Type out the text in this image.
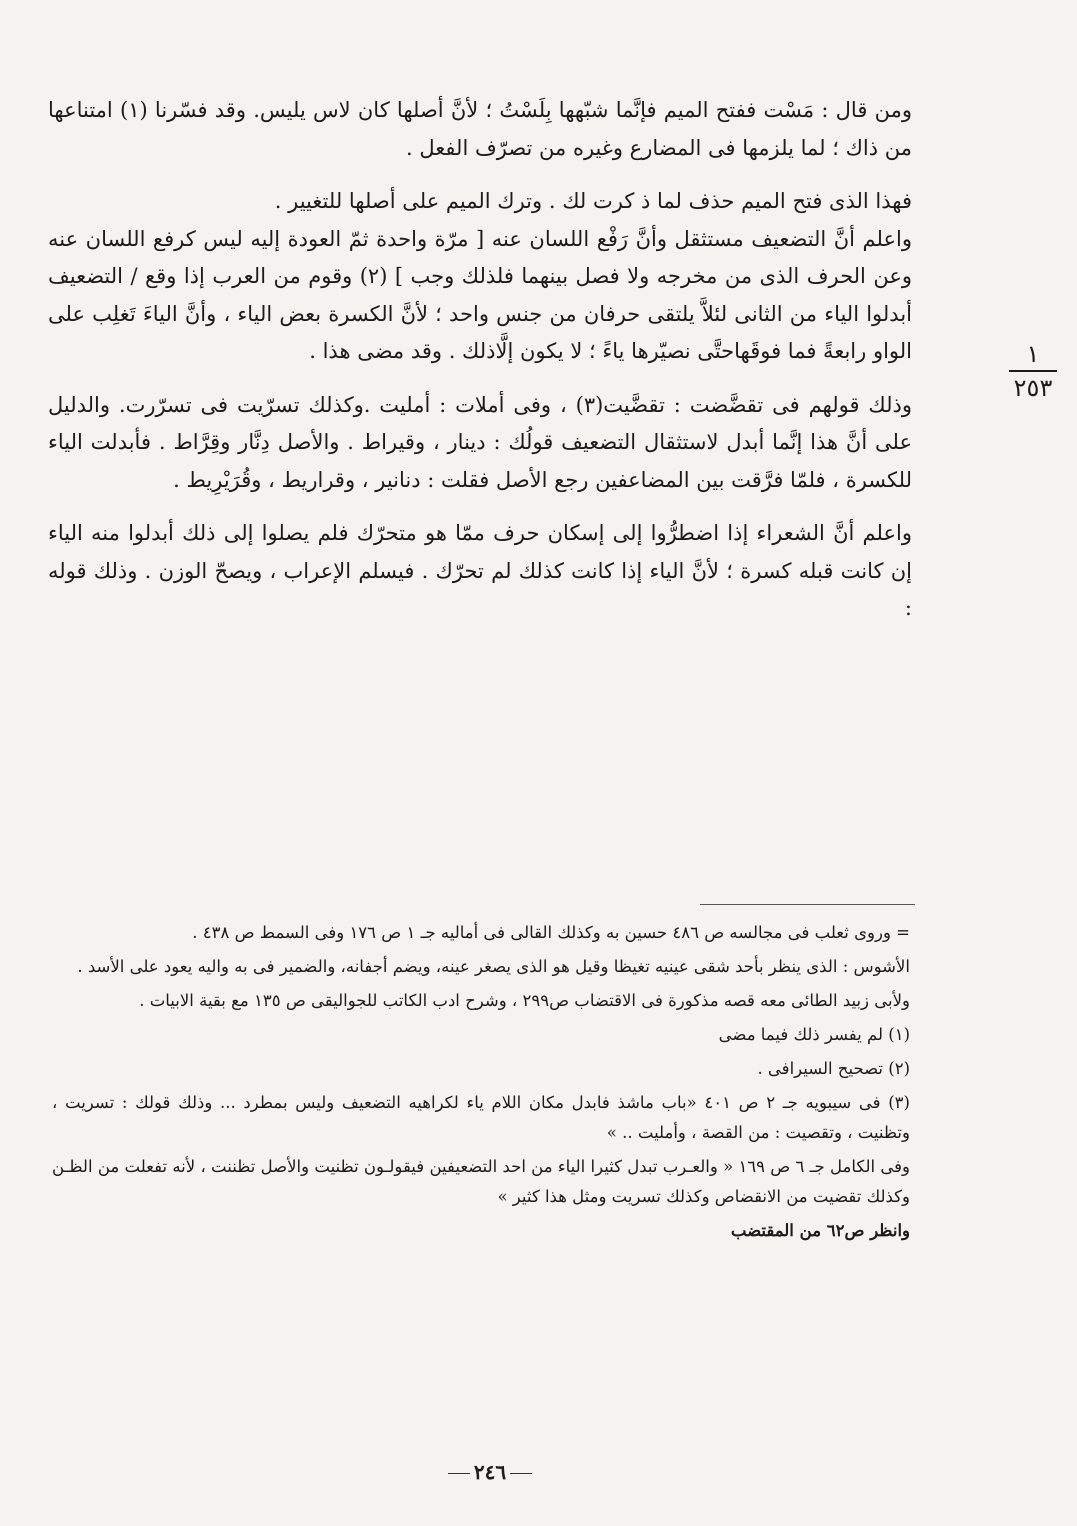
ومن قال : مَسْت ففتح الميم فإنَّما شبّهها بِلَسْتُ ؛ لأنَّ أصلها كان لاس يليس. وقد فسّرنا (١) امتناعها من ذاك ؛ لما يلزمها فى المضارع وغيره من تصرّف الفعل .

فهذا الذى فتح الميم حذف لما ذ كرت لك . وترك الميم على أصلها للتغيير .

واعلم أنَّ التضعيف مستثقل وأنَّ رَفْع اللسان عنه [ مرّة واحدة ثمّ العودة إليه ليس كرفع اللسان عنه وعن الحرف الذى من مخرجه ولا فصل بينهما فلذلك وجب ] (٢) وقوم من العرب إذا وقع / التضعيف أبدلوا الياء من الثانى لئلاَّ يلتقى حرفان من جنس واحد ؛ لأنَّ الكسرة بعض الياء ، وأنَّ الياءَ تَغلِب على الواو رابعةً فما فوقَهاحتَّى نصيّرها ياءً ؛ لا يكون إلَّاذلك . وقد مضى هذا .

وذلك قولهم فى تقضَّضت : تقضَّيت(٣) ، وفى أملات : أمليت .وكذلك تسرّيت فى تسرّرت. والدليل على أنَّ هذا إنَّما أبدل لاستثقال التضعيف قولُك : دينار ، وقيراط . والأصل دِنَّار وقِرَّاط . فأبدلت الياء للكسرة ، فلمّا فرَّقت بين المضاعفين رجع الأصل فقلت : دنانير ، وقراريط ، وقُرَيْرِيط .

واعلم أنَّ الشعراء إذا اضطرُّوا إلى إسكان حرف ممّا هو متحرّك فلم يصلوا إلى ذلك أبدلوا منه الياء إن كانت قبله كسرة ؛ لأنَّ الياء إذا كانت كذلك لم تحرّك . فيسلم الإعراب ، ويصحّ الوزن . وذلك قوله :

١
٢٥٣

= وروى ثعلب فى مجالسه ص ٤٨٦ حسين به وكذلك القالى فى أماليه جـ ١ ص ١٧٦ وفى السمط ص ٤٣٨ .

الأشوس : الذى ينظر بأحد شقى عينيه تغيظا وقيل هو الذى يصغر عينه، ويضم أجفانه، والضمير فى به واليه يعود على الأسد .

ولأبى زبيد الطائى معه قصه مذكورة فى الاقتضاب ص٢٩٩ ، وشرح ادب الكاتب للجواليقى ص ١٣٥ مع بقية الابيات .

(١) لم يفسر ذلك فيما مضى

(٢) تصحيح السيرافى .

(٣) فى سيبويه جـ ٢ ص ٤٠١ «باب ماشذ فابدل مكان اللام ياء لكراهيه التضعيف وليس بمطرد ... وذلك قولك : تسريت ، وتظنيت ، وتقصيت : من القصة ، وأمليت .. »

وفى الكامل جـ ٦ ص ١٦٩ « والعـرب تبدل كثيرا الياء من احد التضعيفين فيقولـون تظنيت والأصل تظننت ، لأنه تفعلت من الظـن وكذلك تقضيت من الانقضاص وكذلك تسريت ومثل هذا كثير »

وانظر ص٦٢ من المقتضب

٢٤٦
